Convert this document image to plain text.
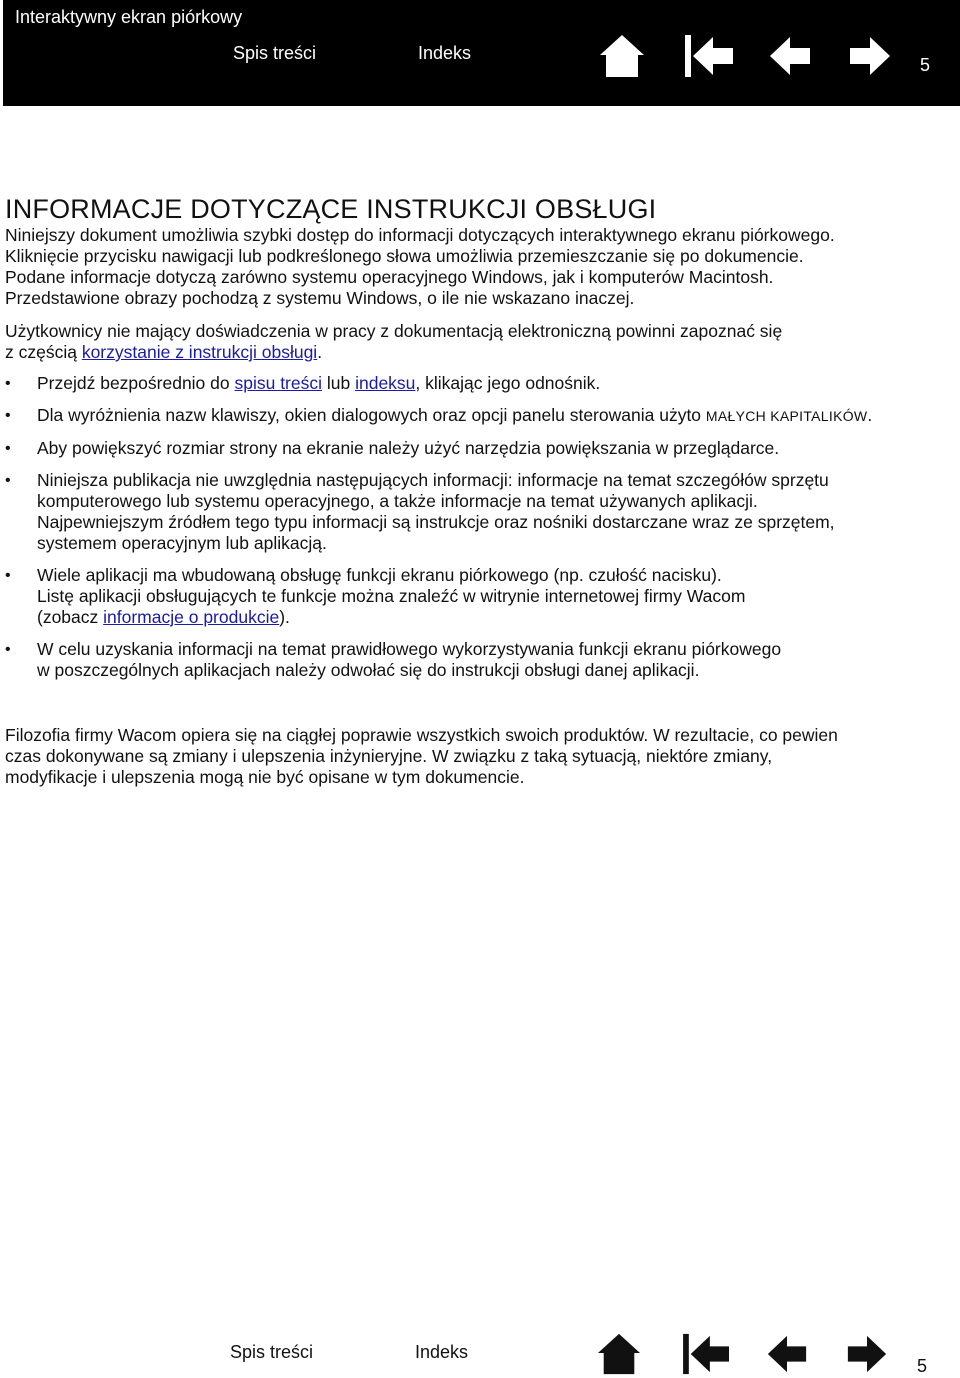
Interaktywny ekran piórkowy
Spis treści	Indeks
5
INFORMACJE DOTYCZĄCE INSTRUKCJI OBSŁUGI

Niniejszy dokument umożliwia szybki dostęp do informacji dotyczących interaktywnego ekranu piórkowego.
Kliknięcie przycisku nawigacji lub podkreślonego słowa umożliwia przemieszczanie się po dokumencie.
Podane informacje dotyczą zarówno systemu operacyjnego Windows, jak i komputerów Macintosh.
Przedstawione obrazy pochodzą z systemu Windows, o ile nie wskazano inaczej.

Użytkownicy nie mający doświadczenia w pracy z dokumentacją elektroniczną powinni zapoznać się
z częścią korzystanie z instrukcji obsługi.

• Przejdź bezpośrednio do spisu treści lub indeksu, klikając jego odnośnik.
• Dla wyróżnienia nazw klawiszy, okien dialogowych oraz opcji panelu sterowania użyto MAŁYCH KAPITALIKÓW.
• Aby powiększyć rozmiar strony na ekranie należy użyć narzędzia powiększania w przeglądarce.
• Niniejsza publikacja nie uwzględnia następujących informacji: informacje na temat szczegółów sprzętu
komputerowego lub systemu operacyjnego, a także informacje na temat używanych aplikacji.
Najpewniejszym źródłem tego typu informacji są instrukcje oraz nośniki dostarczane wraz ze sprzętem,
systemem operacyjnym lub aplikacją.
• Wiele aplikacji ma wbudowaną obsługę funkcji ekranu piórkowego (np. czułość nacisku).
Listę aplikacji obsługujących te funkcje można znaleźć w witrynie internetowej firmy Wacom
(zobacz informacje o produkcie).
• W celu uzyskania informacji na temat prawidłowego wykorzystywania funkcji ekranu piórkowego
w poszczególnych aplikacjach należy odwołać się do instrukcji obsługi danej aplikacji.

Filozofia firmy Wacom opiera się na ciągłej poprawie wszystkich swoich produktów. W rezultacie, co pewien
czas dokonywane są zmiany i ulepszenia inżynieryjne. W związku z taką sytuacją, niektóre zmiany,
modyfikacje i ulepszenia mogą nie być opisane w tym dokumencie.

Spis treści	Indeks
5
